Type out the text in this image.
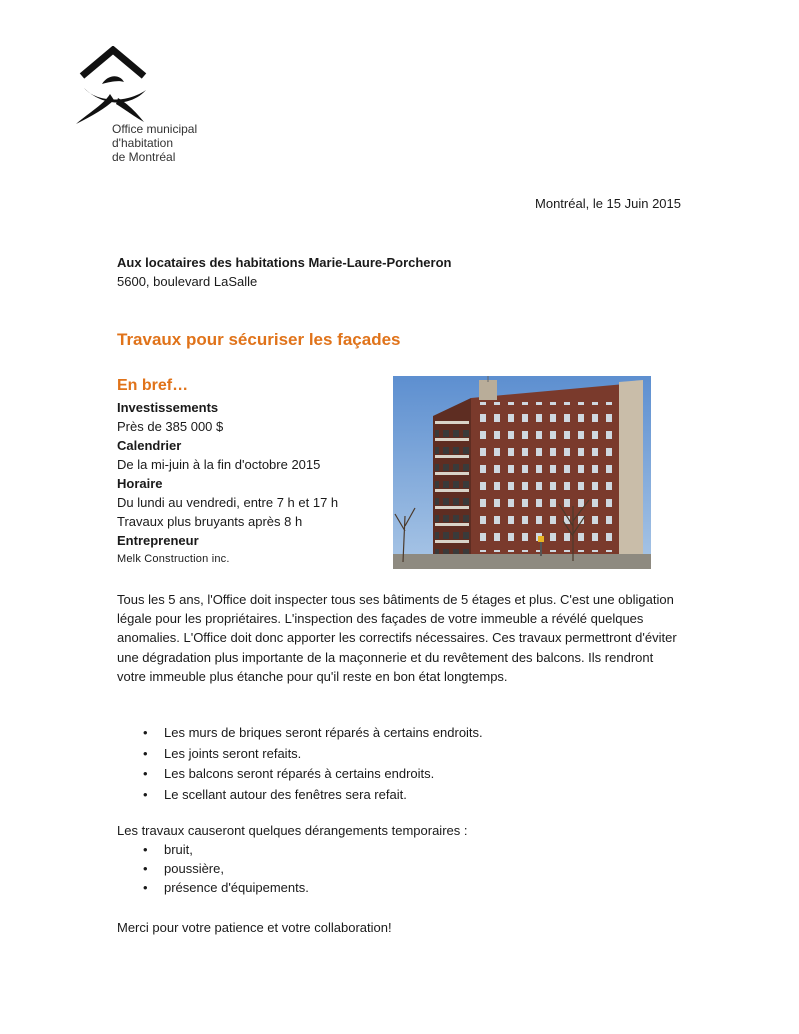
Office municipal
d'habitation
de Montréal
Montréal, le 15 Juin 2015
Aux locataires des habitations Marie-Laure-Porcheron
5600, boulevard LaSalle
Travaux pour sécuriser les façades
En bref…
Investissements
Près de 385 000 $
Calendrier
De la mi-juin à la fin d'octobre 2015
Horaire
Du lundi au vendredi, entre 7 h et 17 h
Travaux plus bruyants après 8 h
Entrepreneur
Melk Construction inc.

Tous les 5 ans, l'Office doit inspecter tous ses bâtiments de 5 étages et plus. C'est une obligation légale pour les propriétaires. L'inspection des façades de votre immeuble a révélé quelques anomalies. L'Office doit donc apporter les correctifs nécessaires. Ces travaux permettront d'éviter une dégradation plus importante de la maçonnerie et du revêtement des balcons. Ils rendront votre immeuble plus étanche pour qu'il reste en bon état longtemps.

• Les murs de briques seront réparés à certains endroits.
• Les joints seront refaits.
• Les balcons seront réparés à certains endroits.
• Le scellant autour des fenêtres sera refait.
Les travaux causeront quelques dérangements temporaires :
• bruit,
• poussière,
• présence d'équipements.
Merci pour votre patience et votre collaboration!
